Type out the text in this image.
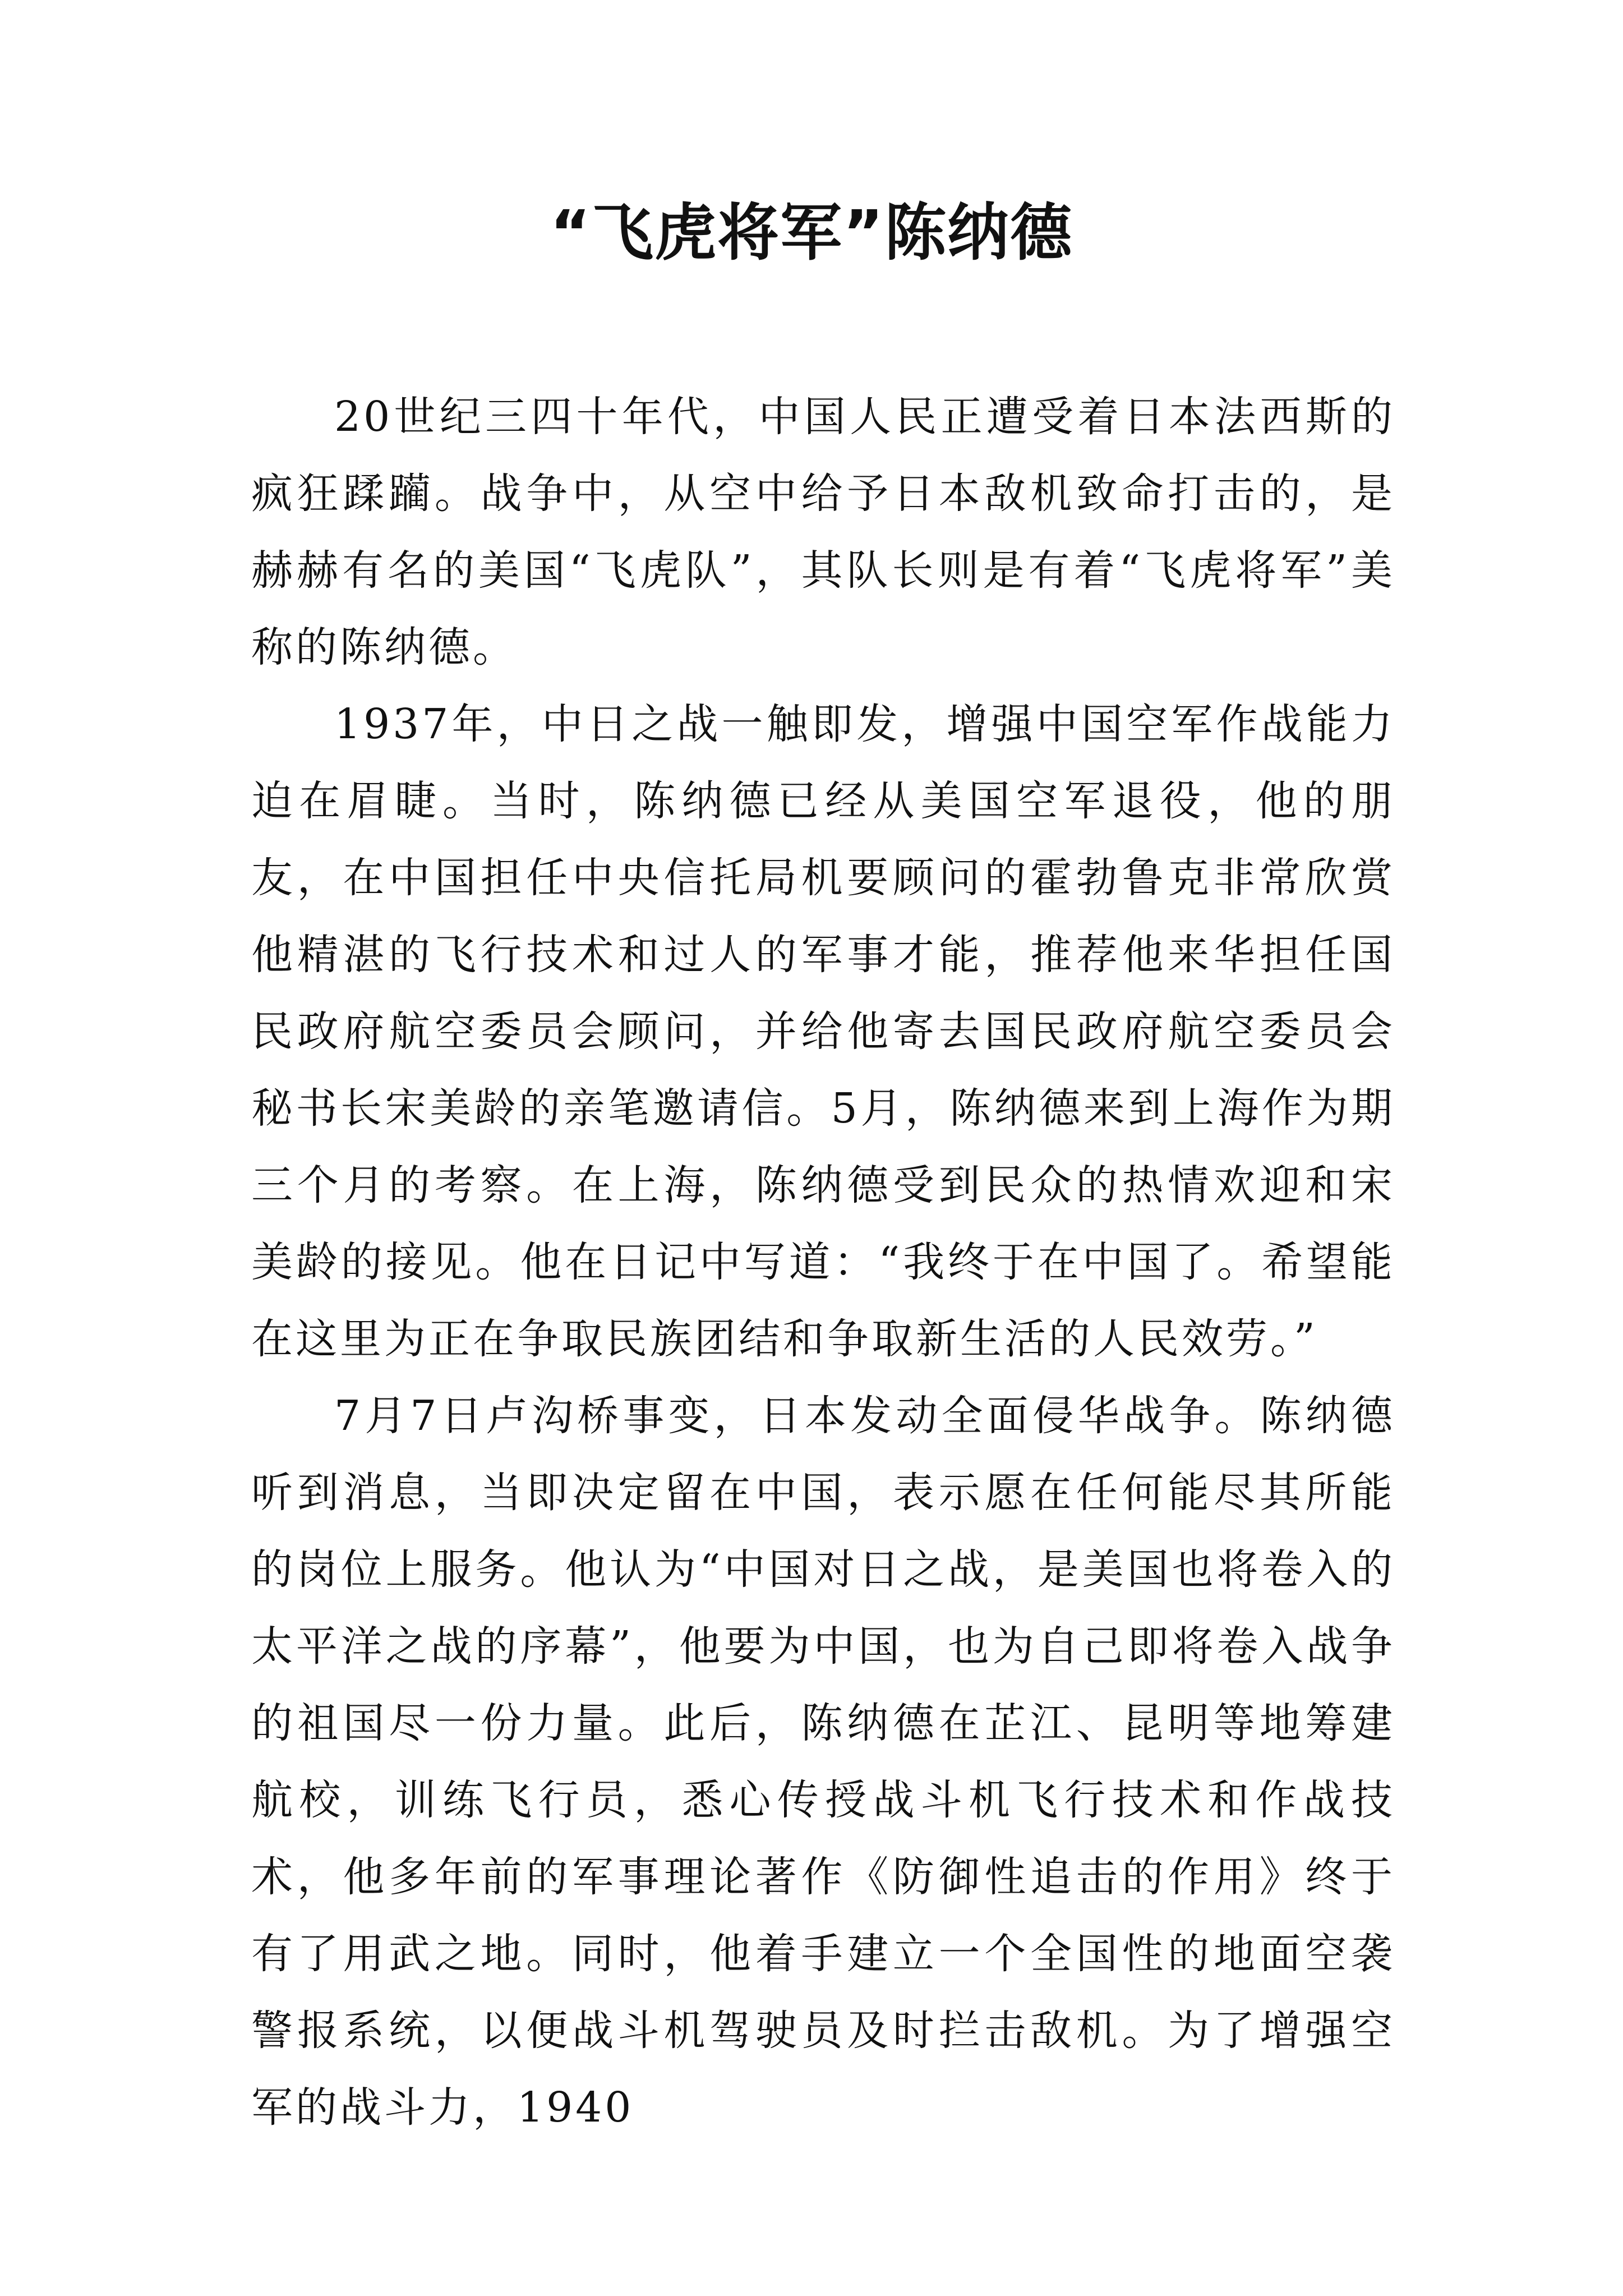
“飞虎将军”陈纳德

20世纪三四十年代，中国人民正遭受着日本法西斯的疯狂蹂躏。战争中，从空中给予日本敌机致命打击的，是赫赫有名的美国“飞虎队”，其队长则是有着“飞虎将军”美称的陈纳德。

1937年，中日之战一触即发，增强中国空军作战能力迫在眉睫。当时，陈纳德已经从美国空军退役，他的朋友，在中国担任中央信托局机要顾问的霍勃鲁克非常欣赏他精湛的飞行技术和过人的军事才能，推荐他来华担任国民政府航空委员会顾问，并给他寄去国民政府航空委员会秘书长宋美龄的亲笔邀请信。5月，陈纳德来到上海作为期三个月的考察。在上海，陈纳德受到民众的热情欢迎和宋美龄的接见。他在日记中写道：“我终于在中国了。希望能在这里为正在争取民族团结和争取新生活的人民效劳。”

7月7日卢沟桥事变，日本发动全面侵华战争。陈纳德听到消息，当即决定留在中国，表示愿在任何能尽其所能的岗位上服务。他认为“中国对日之战，是美国也将卷入的太平洋之战的序幕”，他要为中国，也为自己即将卷入战争的祖国尽一份力量。此后，陈纳德在芷江、昆明等地筹建航校，训练飞行员，悉心传授战斗机飞行技术和作战技术，他多年前的军事理论著作《防御性追击的作用》终于有了用武之地。同时，他着手建立一个全国性的地面空袭警报系统，以便战斗机驾驶员及时拦击敌机。为了增强空军的战斗力，1940
